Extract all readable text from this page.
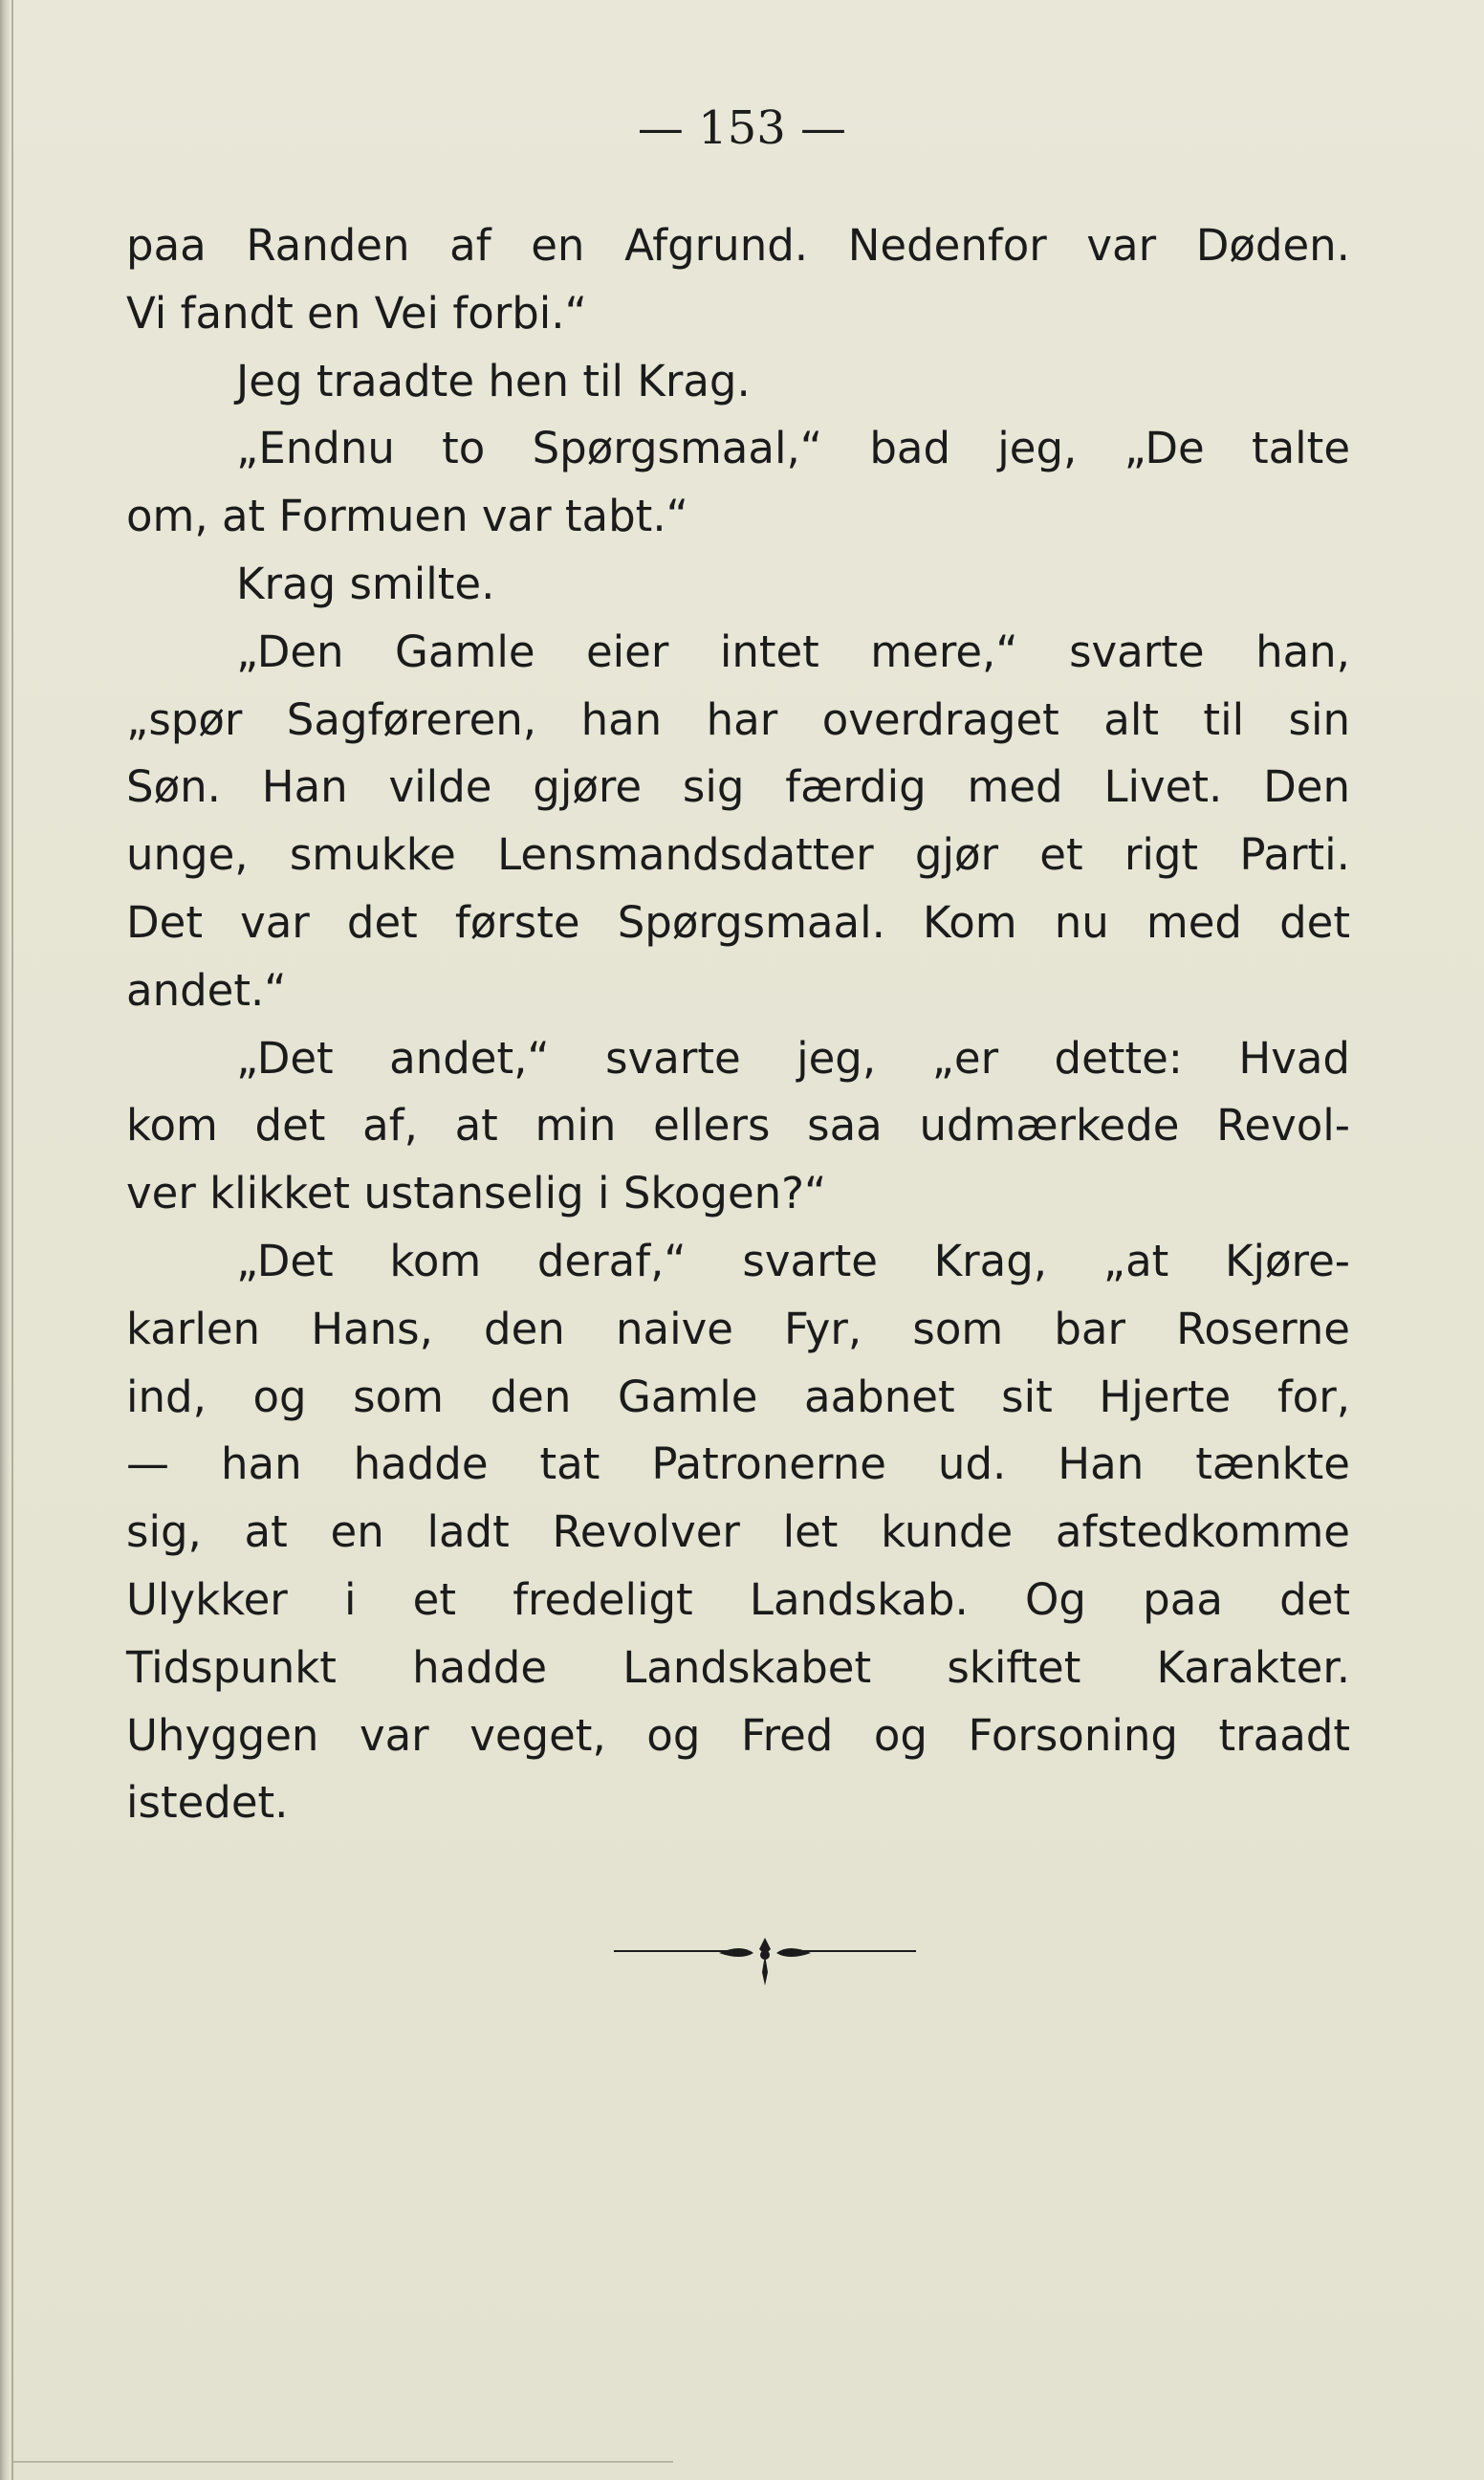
— 153 —

paa Randen af en Afgrund. Nedenfor var Døden.
Vi fandt en Vei forbi.“
Jeg traadte hen til Krag.
„Endnu to Spørgsmaal,“ bad jeg, „De talte
om, at Formuen var tabt.“
Krag smilte.
„Den Gamle eier intet mere,“ svarte han,
„spør Sagføreren, han har overdraget alt til sin
Søn. Han vilde gjøre sig færdig med Livet. Den
unge, smukke Lensmandsdatter gjør et rigt Parti.
Det var det første Spørgsmaal. Kom nu med det
andet.“
„Det andet,“ svarte jeg, „er dette: Hvad
kom det af, at min ellers saa udmærkede Revol-
ver klikket ustanselig i Skogen?“
„Det kom deraf,“ svarte Krag, „at Kjøre-
karlen Hans, den naive Fyr, som bar Roserne
ind, og som den Gamle aabnet sit Hjerte for,
— han hadde tat Patronerne ud. Han tænkte
sig, at en ladt Revolver let kunde afstedkomme
Ulykker i et fredeligt Landskab. Og paa det
Tidspunkt hadde Landskabet skiftet Karakter.
Uhyggen var veget, og Fred og Forsoning traadt
istedet.
